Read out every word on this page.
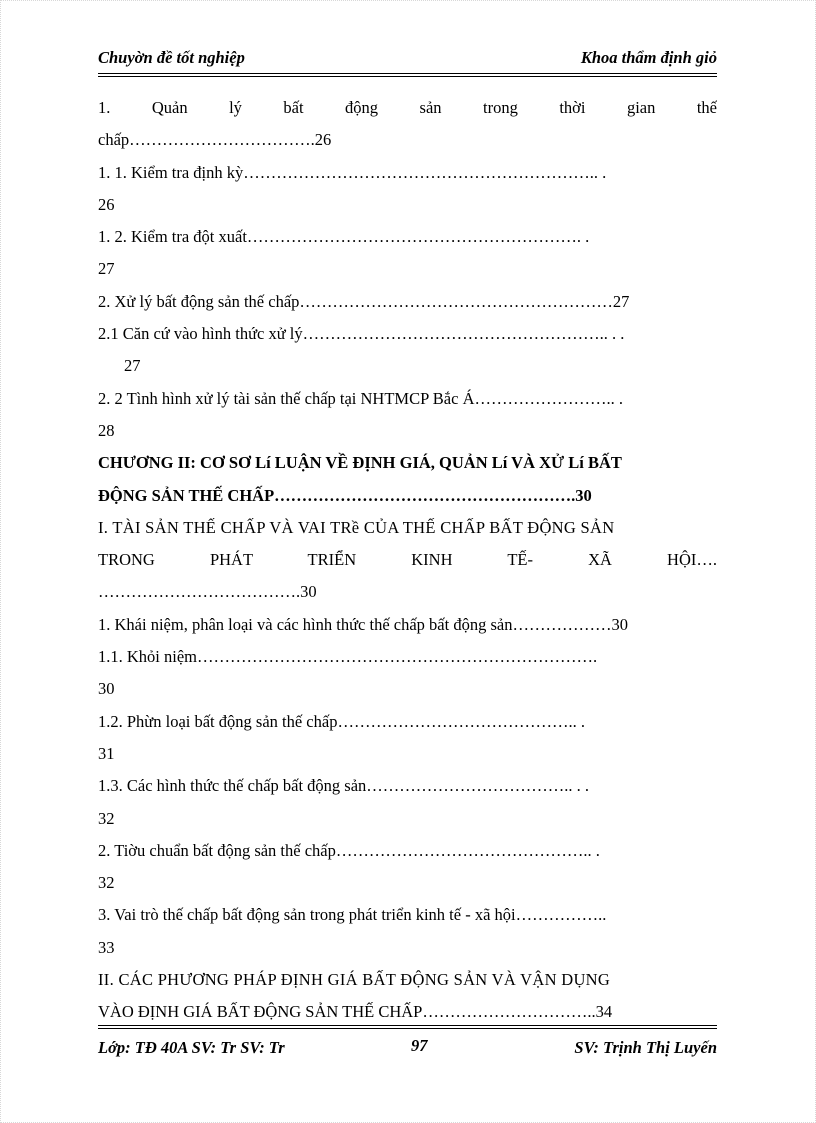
Chuyờn đề tốt nghiệp	Khoa thẩm định giỏ
1. Quản lý bất động sản trong thời gian thế
chấp…………………………….26
1. 1. Kiểm tra định kỳ……………………………………………………….. .
26
1. 2. Kiểm tra đột xuất……………………………………………………. .
27
2. Xử lý bất động sản thế chấp…………………………………………………27
2.1 Căn cứ vào hình thức xử lý……………………………………………….. . .
27
2. 2 Tình hình xử lý tài sản thế chấp tại NHTMCP Bắc Á…………………….. .
28
CHƯƠNG II: CƠ SƠ Lí LUẬN VỀ ĐỊNH GIÁ, QUẢN Lí VÀ XỬ Lí BẤT
ĐỘNG SẢN THẾ CHẤP……………………………………………….30
I. TÀI SẢN THẾ CHẤP VÀ VAI TRề CỦA THẾ CHẤP BẤT ĐỘNG SẢN
TRONG PHÁT TRIỂN KINH TẾ- XÃ HỘI….
……………………………….30
1. Khái niệm, phân loại và các hình thức thế chấp bất động sản………………30
1.1. Khỏi niệm……………………………………………………………….
30
1.2. Phừn loại bất động sản thế chấp…………………………………….. .
31
1.3. Các hình thức thế chấp bất động sản……………………………….. . .
32
2. Tiờu chuẩn bất động sản thế chấp……………………………………….. .
32
3. Vai trò thế chấp bất động sản trong phát triển kinh tế - xã hội……………..
33
II. CÁC PHƯƠNG PHÁP ĐỊNH GIÁ BẤT ĐỘNG SẢN VÀ VẬN DỤNG
VÀO ĐỊNH GIÁ BẤT ĐỘNG SẢN THẾ CHẤP…………………………..34
Lớp: TĐ 40A SV: Tr SV: Tr	97	SV: Trịnh Thị Luyến
